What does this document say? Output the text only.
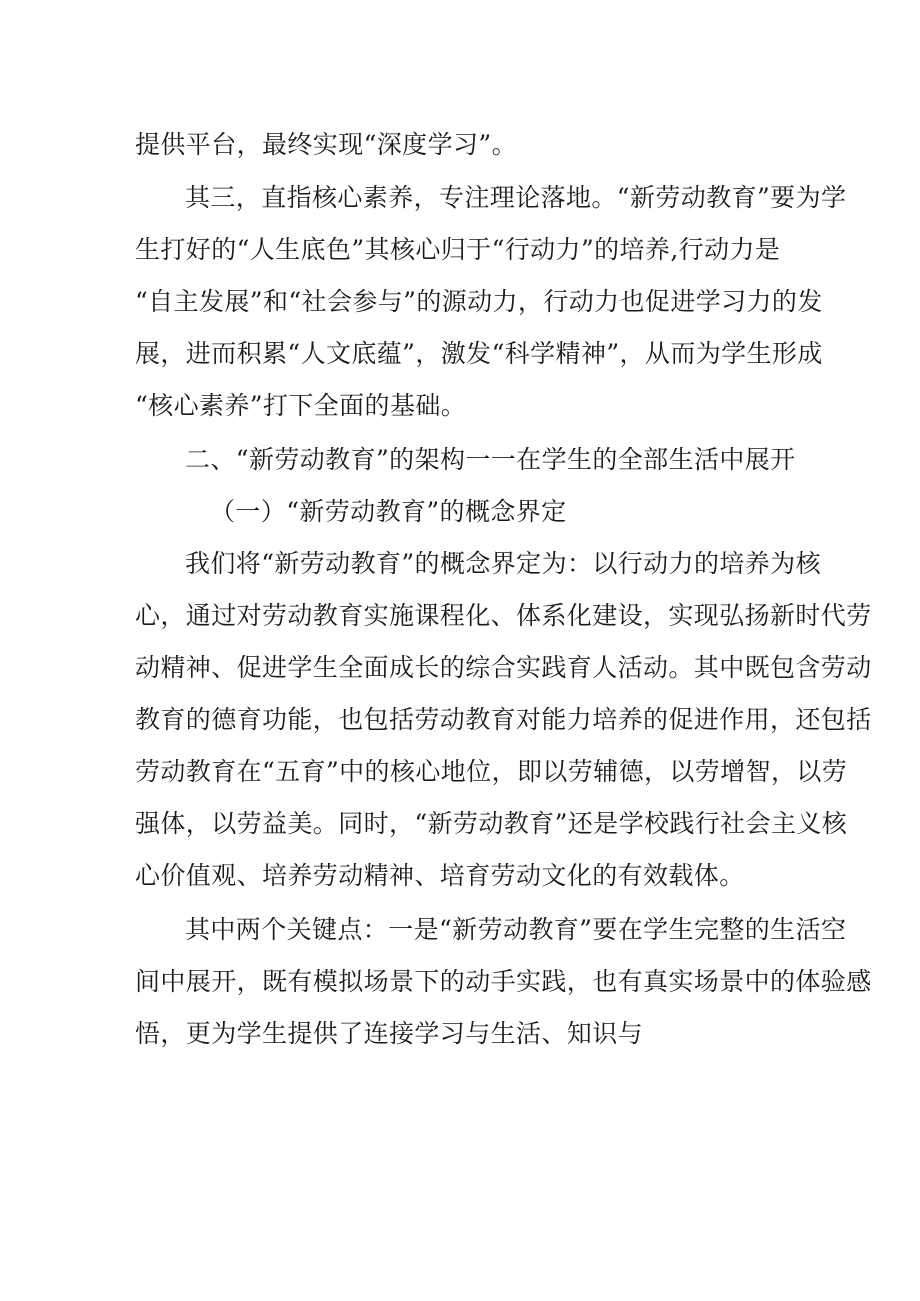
提供平台，最终实现“深度学习”。
其三，直指核心素养，专注理论落地。“新劳动教育”要为学
生打好的“人生底色”其核心归于“行动力”的培养,行动力是
“自主发展”和“社会参与”的源动力，行动力也促进学习力的发
展，进而积累“人文底蕴”，激发“科学精神”，从而为学生形成
“核心素养”打下全面的基础。
二、“新劳动教育”的架构一一在学生的全部生活中展开
（一）“新劳动教育”的概念界定
我们将“新劳动教育”的概念界定为：以行动力的培养为核
心，通过对劳动教育实施课程化、体系化建设，实现弘扬新时代劳
动精神、促进学生全面成长的综合实践育人活动。其中既包含劳动
教育的德育功能，也包括劳动教育对能力培养的促进作用，还包括
劳动教育在“五育”中的核心地位，即以劳辅德，以劳增智，以劳
强体，以劳益美。同时，“新劳动教育”还是学校践行社会主义核
心价值观、培养劳动精神、培育劳动文化的有效载体。
其中两个关键点：一是“新劳动教育”要在学生完整的生活空
间中展开，既有模拟场景下的动手实践，也有真实场景中的体验感
悟，更为学生提供了连接学习与生活、知识与
